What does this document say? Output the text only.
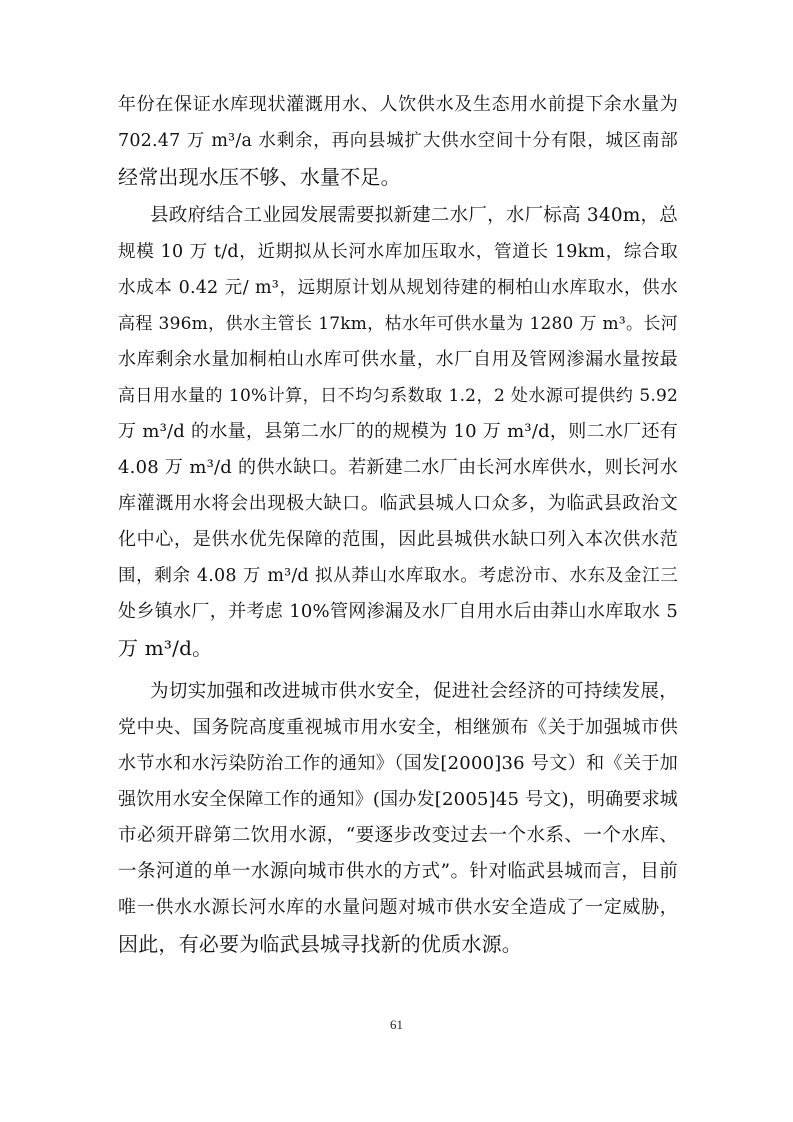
年份在保证水库现状灌溉用水、人饮供水及生态用水前提下余水量为
702.47 万 m³/a 水剩余，再向县城扩大供水空间十分有限，城区南部
经常出现水压不够、水量不足。
县政府结合工业园发展需要拟新建二水厂，水厂标高 340m，总
规模 10 万 t/d，近期拟从长河水库加压取水，管道长 19km，综合取
水成本 0.42 元/ m³，远期原计划从规划待建的桐柏山水库取水，供水
高程 396m，供水主管长 17km，枯水年可供水量为 1280 万 m³。长河
水库剩余水量加桐柏山水库可供水量，水厂自用及管网渗漏水量按最
高日用水量的 10%计算，日不均匀系数取 1.2，2 处水源可提供约 5.92
万 m³/d 的水量，县第二水厂的的规模为 10 万 m³/d，则二水厂还有
4.08 万 m³/d 的供水缺口。若新建二水厂由长河水库供水，则长河水
库灌溉用水将会出现极大缺口。临武县城人口众多，为临武县政治文
化中心，是供水优先保障的范围，因此县城供水缺口列入本次供水范
围，剩余 4.08 万 m³/d 拟从莽山水库取水。考虑汾市、水东及金江三
处乡镇水厂，并考虑 10%管网渗漏及水厂自用水后由莽山水库取水 5
万 m³/d。
为切实加强和改进城市供水安全，促进社会经济的可持续发展，
党中央、国务院高度重视城市用水安全，相继颁布《关于加强城市供
水节水和水污染防治工作的通知》（国发[2000]36 号文）和《关于加
强饮用水安全保障工作的通知》(国办发[2005]45 号文)，明确要求城
市必须开辟第二饮用水源，“要逐步改变过去一个水系、一个水库、
一条河道的单一水源向城市供水的方式”。针对临武县城而言，目前
唯一供水水源长河水库的水量问题对城市供水安全造成了一定威胁，
因此，有必要为临武县城寻找新的优质水源。
61
